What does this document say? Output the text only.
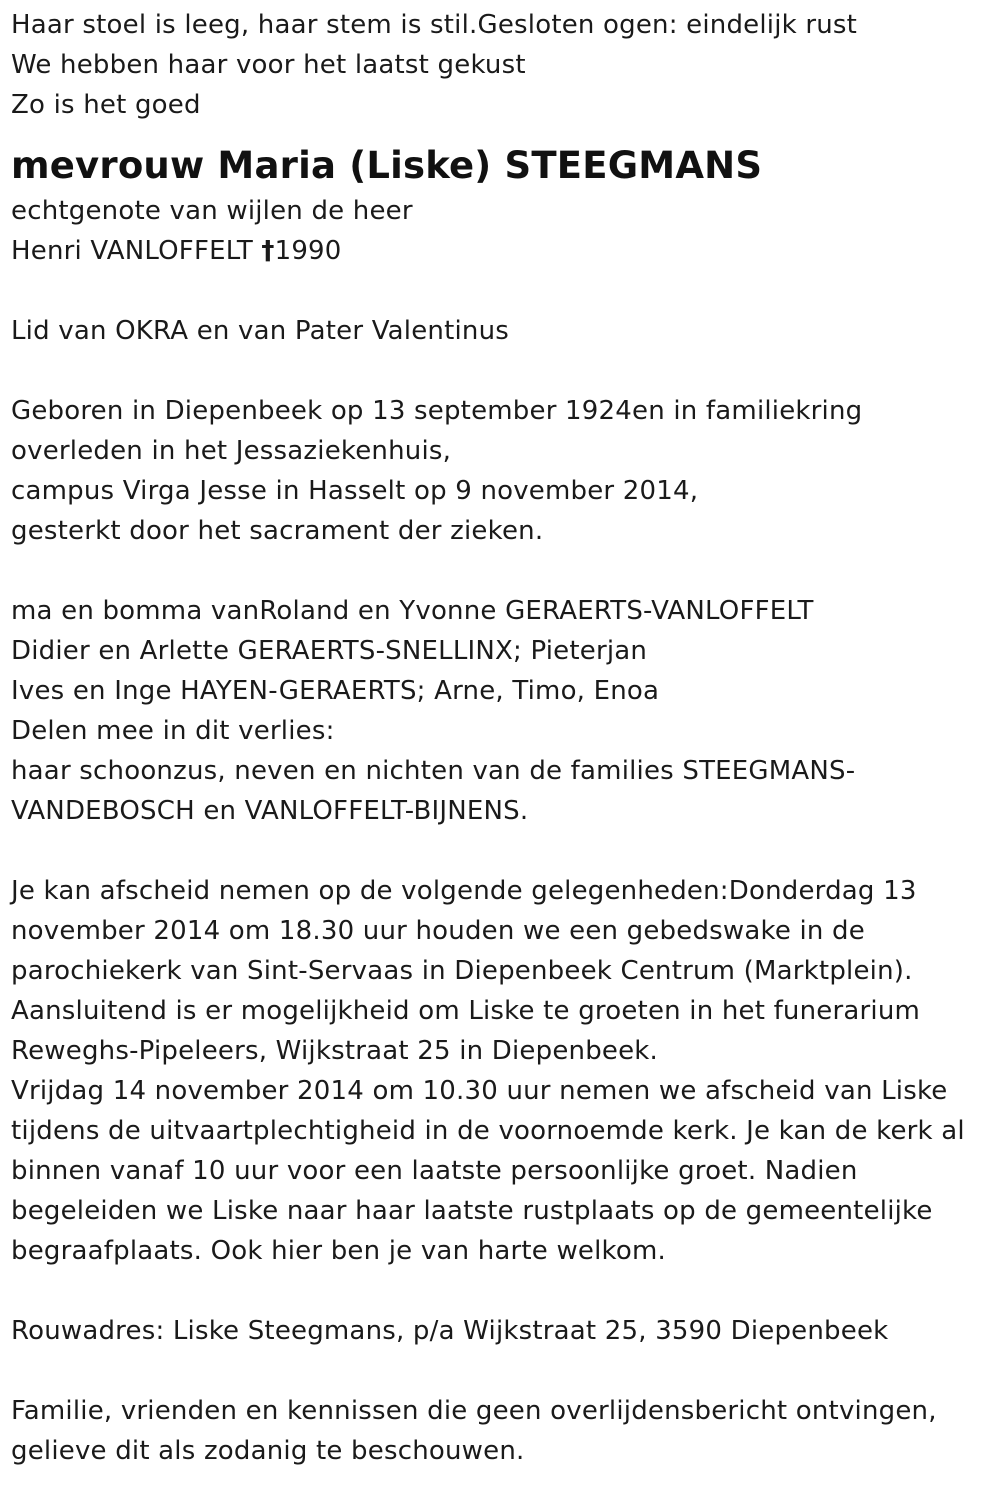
Haar stoel is leeg, haar stem is stil.Gesloten ogen: eindelijk rust
We hebben haar voor het laatst gekust
Zo is het goed
mevrouw Maria (Liske) STEEGMANS
echtgenote van wijlen de heer
Henri VANLOFFELT †1990
Lid van OKRA en van Pater Valentinus
Geboren in Diepenbeek op 13 september 1924en in familiekring
overleden in het Jessaziekenhuis,
campus Virga Jesse in Hasselt op 9 november 2014,
gesterkt door het sacrament der zieken.
ma en bomma vanRoland en Yvonne GERAERTS-VANLOFFELT
Didier en Arlette GERAERTS-SNELLINX; Pieterjan
Ives en Inge HAYEN-GERAERTS; Arne, Timo, Enoa
Delen mee in dit verlies:
haar schoonzus, neven en nichten van de families STEEGMANS-
VANDEBOSCH en VANLOFFELT-BIJNENS.
Je kan afscheid nemen op de volgende gelegenheden:Donderdag 13
november 2014 om 18.30 uur houden we een gebedswake in de
parochiekerk van Sint-Servaas in Diepenbeek Centrum (Marktplein).
Aansluitend is er mogelijkheid om Liske te groeten in het funerarium
Reweghs-Pipeleers, Wijkstraat 25 in Diepenbeek.
Vrijdag 14 november 2014 om 10.30 uur nemen we afscheid van Liske
tijdens de uitvaartplechtigheid in de voornoemde kerk. Je kan de kerk al
binnen vanaf 10 uur voor een laatste persoonlijke groet. Nadien
begeleiden we Liske naar haar laatste rustplaats op de gemeentelijke
begraafplaats. Ook hier ben je van harte welkom.
Rouwadres: Liske Steegmans, p/a Wijkstraat 25, 3590 Diepenbeek
Familie, vrienden en kennissen die geen overlijdensbericht ontvingen,
gelieve dit als zodanig te beschouwen.
